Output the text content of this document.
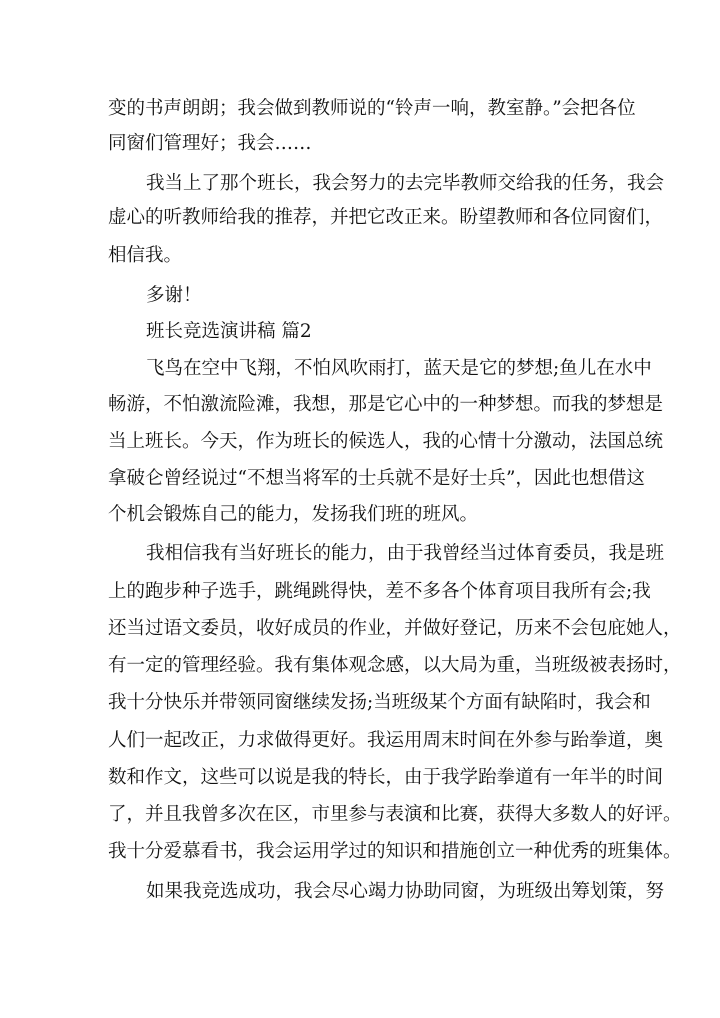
变的书声朗朗；我会做到教师说的“铃声一响，教室静。”会把各位
同窗们管理好；我会……
我当上了那个班长，我会努力的去完毕教师交给我的任务，我会
虚心的听教师给我的推荐，并把它改正来。盼望教师和各位同窗们，
相信我。
多谢！
班长竞选演讲稿 篇2
飞鸟在空中飞翔，不怕风吹雨打，蓝天是它的梦想;鱼儿在水中
畅游，不怕激流险滩，我想，那是它心中的一种梦想。而我的梦想是
当上班长。今天，作为班长的候选人，我的心情十分激动，法国总统
拿破仑曾经说过“不想当将军的士兵就不是好士兵”，因此也想借这
个机会锻炼自己的能力，发扬我们班的班风。
我相信我有当好班长的能力，由于我曾经当过体育委员，我是班
上的跑步种子选手，跳绳跳得快，差不多各个体育项目我所有会;我
还当过语文委员，收好成员的作业，并做好登记，历来不会包庇她人，
有一定的管理经验。我有集体观念感，以大局为重，当班级被表扬时，
我十分快乐并带领同窗继续发扬;当班级某个方面有缺陷时，我会和
人们一起改正，力求做得更好。我运用周末时间在外参与跆拳道，奥
数和作文，这些可以说是我的特长，由于我学跆拳道有一年半的时间
了，并且我曾多次在区，市里参与表演和比赛，获得大多数人的好评。
我十分爱慕看书，我会运用学过的知识和措施创立一种优秀的班集体。
如果我竞选成功，我会尽心竭力协助同窗，为班级出筹划策，努
